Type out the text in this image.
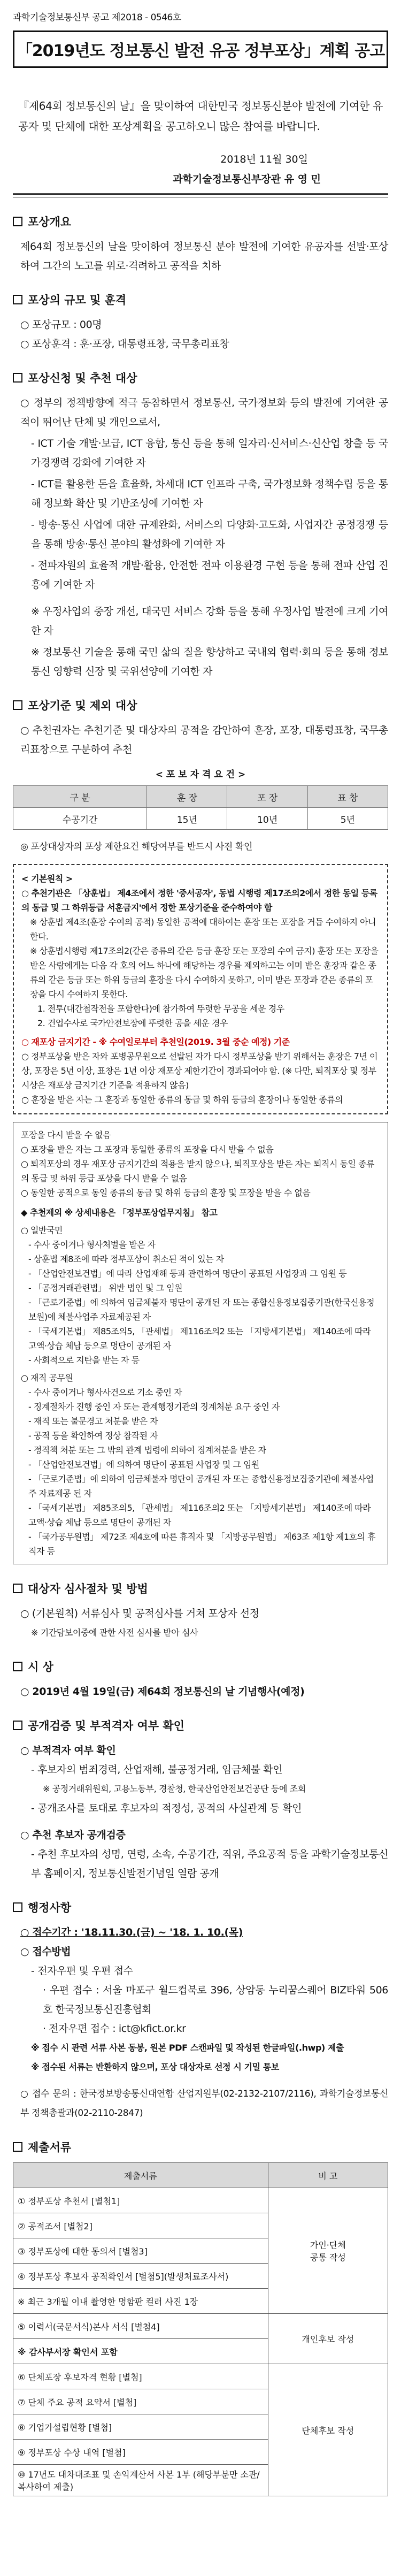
과학기술정보통신부 공고 제2018 - 0546호
「2019년도 정보통신 발전 유공 정부포상」계획 공고
『제64회 정보통신의 날』을 맞이하여 대한민국 정보통신분야 발전에 기여한 유공자 및 단체에 대한 포상계획을 공고하오니 많은 참여를 바랍니다.
2018년 11월 30일
과학기술정보통신부장관 유 영 민
포상개요
제64회 정보통신의 날을 맞이하여 정보통신 분야 발전에 기여한 유공자를 선발·포상하여 그간의 노고를 위로·격려하고 공적을 치하
포상의 규모 및 훈격
○ 포상규모 : 00명
○ 포상훈격 : 훈·포장, 대통령표창, 국무총리표창
포상신청 및 추천 대상
○ 정부의 정책방향에 적극 동참하면서 정보통신, 국가정보화 등의 발전에 기여한 공적이 뛰어난 단체 및 개인으로서,
- ICT 기술 개발·보급, ICT 융합, 통신 등을 통해 일자리·신서비스·신산업 창출 등 국가경쟁력 강화에 기여한 자
- ICT를 활용한 돈을 효율화, 차세대 ICT 인프라 구축, 국가정보화 정책수립 등을 통해 정보화 확산 및 기반조성에 기여한 자
- 방송·통신 사업에 대한 규제완화, 서비스의 다양화·고도화, 사업자간 공정경쟁 등을 통해 방송·통신 분야의 활성화에 기여한 자
- 전파자원의 효율적 개발·활용, 안전한 전파 이용환경 구현 등을 통해 전파 산업 진흥에 기여한 자
※ 우정사업의 중장 개선, 대국민 서비스 강화 등을 통해 우정사업 발전에 크게 기여한 자
※ 정보통신 기술을 통해 국민 삶의 질을 향상하고 국내외 협력·회의 등을 통해 정보통신 영향력 신장 및 국위선양에 기여한 자
포상기준 및 제외 대상
○ 추천권자는 추천기준 및 대상자의 공적을 감안하여 훈장, 포장, 대통령표창, 국무총리표창으로 구분하여 추천
< 포 보 자 격 요 건 >
구 분	훈 장	포 장	표 창
수공기간	15년	10년	5년
◎ 포상대상자의 포상 제한요건 해당여부를 반드시 사전 확인
< 기본원칙 >
○ 추천기관은 「상훈법」 제4조에서 정한 '중서공자', 동법 시행령 제17조의2에서 정한 동일 등록의 동급 및 그 하위등급 서훈금지'에서 정한 포상기준을 준수하여야 함
※ 상훈법 제4조(훈장 수여의 공적) 동일한 공적에 대하여는 훈장 또는 포장을 거듭 수여하지 아니한다.
※ 상훈법시행령 제17조의2(같은 종류의 같은 등급 훈장 또는 포장의 수여 금지) 훈장 또는 포장을 받은 사람에게는 다음 각 호의 어느 하나에 해당하는 경우를 제외하고는 이미 받은 훈장과 같은 종류의 같은 등급 또는 하위 등급의 훈장을 다시 수여하지 못하고, 이미 받은 포장과 같은 종류의 포장을 다시 수여하지 못한다.
1. 전투(대간첩작전을 포함한다)에 참가하여 뚜렷한 무공을 세운 경우
2. 건업수사로 국가안전보장에 뚜렷한 공을 세운 경우
○ 재포상 금지기간 - ※ 수여일로부터 추천일(2019. 3월 중순 예정) 기준
○ 정부포상을 받은 자와 포병공무원으로 선발된 자가 다시 정부포상을 받기 위해서는 훈장은 7년 이상, 포장은 5년 이상, 표창은 1년 이상 재포상 제한기간이 경과되어야 함. (※ 다만, 퇴직포상 및 정부시상은 재포상 금지기간 기준을 적용하지 않음)
○ 훈장을 받은 자는 그 훈장과 동일한 종류의 동급 및 하위 등급의 훈장이나 동일한 종류의
포장을 다시 받을 수 없음
○ 포장을 받은 자는 그 포장과 동일한 종류의 포장을 다시 받을 수 없음
○ 퇴직포상의 경우 재포상 금지기간의 적용을 받지 않으나, 퇴직포상을 받은 자는 퇴직시 동일 종류의 동급 및 하위 등급 포상을 다시 받을 수 없음
○ 동일한 공적으로 동일 종류의 동급 및 하위 등급의 훈장 및 포장을 받을 수 없음
◆ 추천제외 ※ 상세내용은 「정부포상업무지침」 참고
○ 일반국민
- 수사 중이거나 형사처벌을 받은 자
- 상훈법 제8조에 따라 정부포상이 취소된 적이 있는 자
- 「산업안전보건법」에 따라 산업재해 등과 관련하여 명단이 공표된 사업장과 그 임원 등
- 「공정거래관련법」 위반 법인 및 그 임원
- 「근로기준법」에 의하여 임금체불자 명단이 공개된 자 또는 종합신용정보집중기관(한국신용정보원)에 체불사업주 자료제공된 자
- 「국세기본법」 제85조의5, 「관세법」 제116조의2 또는 「지방세기본법」 제140조에 따라 고액·상습 체납 등으로 명단이 공개된 자
- 사회적으로 지탄을 받는 자 등
○ 재직 공무원
- 수사 중이거나 형사사건으로 기소 중인 자
- 징계절차가 진행 중인 자 또는 관계행정기관의 징계처분 요구 중인 자
- 재직 또는 불문경고 처분을 받은 자
- 공적 등을 확인하여 정상 참작된 자
- 정직책 처분 또는 그 밖의 관계 법령에 의하여 징계처분을 받은 자
- 「산업안전보건법」에 의하여 명단이 공표된 사업장 및 그 임원
- 「근로기준법」에 의하여 임금체불자 명단이 공개된 자 또는 종합신용정보집중기관에 체불사업주 자료제공 된 자
- 「국세기본법」 제85조의5, 「관세법」 제116조의2 또는 「지방세기본법」 제140조에 따라 고액·상습 체납 등으로 명단이 공개된 자
- 「국가공무원법」 제72조 제4호에 따른 휴직자 및 「지방공무원법」 제63조 제1항 제1호의 휴직자 등
대상자 심사절차 및 방법
○ (기본원칙) 서류심사 및 공적심사를 거쳐 포상자 선정
※ 기간담보이중에 관한 사전 심사를 받아 심사
시 상
○ 2019년 4월 19일(금) 제64회 정보통신의 날 기념행사(예정)
공개검증 및 부적격자 여부 확인
○ 부적격자 여부 확인
- 후보자의 범죄경력, 산업재해, 불공정거래, 임금체불 확인
※ 공정거래위원회, 고용노동부, 경찰청, 한국산업안전보건공단 등에 조회
- 공개조사를 토대로 후보자의 적정성, 공적의 사실관계 등 확인
○ 추천 후보자 공개검증
- 추천 후보자의 성명, 연령, 소속, 수공기간, 직위, 주요공적 등을 과학기술정보통신부 홈페이지, 정보통신발전기념일 열람 공개
행정사항
○ 접수기간 : '18.11.30.(금) ~ '18. 1. 10.(목)
○ 접수방법
- 전자우편 및 우편 접수
· 우편 접수 : 서울 마포구 월드컵북로 396, 상암동 누리꿈스퀘어 BIZ타워 506호 한국정보통신진흥협회
· 전자우편 접수 : ict@kfict.or.kr
※ 접수 시 관련 서류 사본 동봉, 원본 PDF 스캔파일 및 작성된 한글파일(.hwp) 제출
※ 접수된 서류는 반환하지 않으며, 포상 대상자로 선정 시 기밀 통보
○ 접수 문의 : 한국정보방송통신대연합 산업지원부(02-2132-2107/2116), 과학기술정보통신부 정책총괄과(02-2110-2847)
제출서류
제출서류	비 고
① 정부포상 추천서 [별첨1]	가인·단체
공통 작성
② 공적조서 [별첨2]	
③ 정부포상에 대한 동의서 [별첨3]	
④ 정부포상 후보자 공적확인서 [별첨5](발생처료조사서)	
※ 최근 3개월 이내 촬영한 명함판 컬러 사진 1장	
⑤ 이력서(국문서식)본사 서식 [별첨4]	개인후보 작성
※ 감사부서장 확인서 포함	
⑥ 단체포장 후보자격 현황 [별첨]	단체후보 작성
⑦ 단체 주요 공적 요약서 [별첨]	
⑧ 기업가설립현황 [별첨]	
⑨ 정부포상 수상 내역 [별첨]	
⑩ 17년도 대차대조표 및 손익계산서 사본 1부 (해당부분만 소관/복사하여 제출)	
